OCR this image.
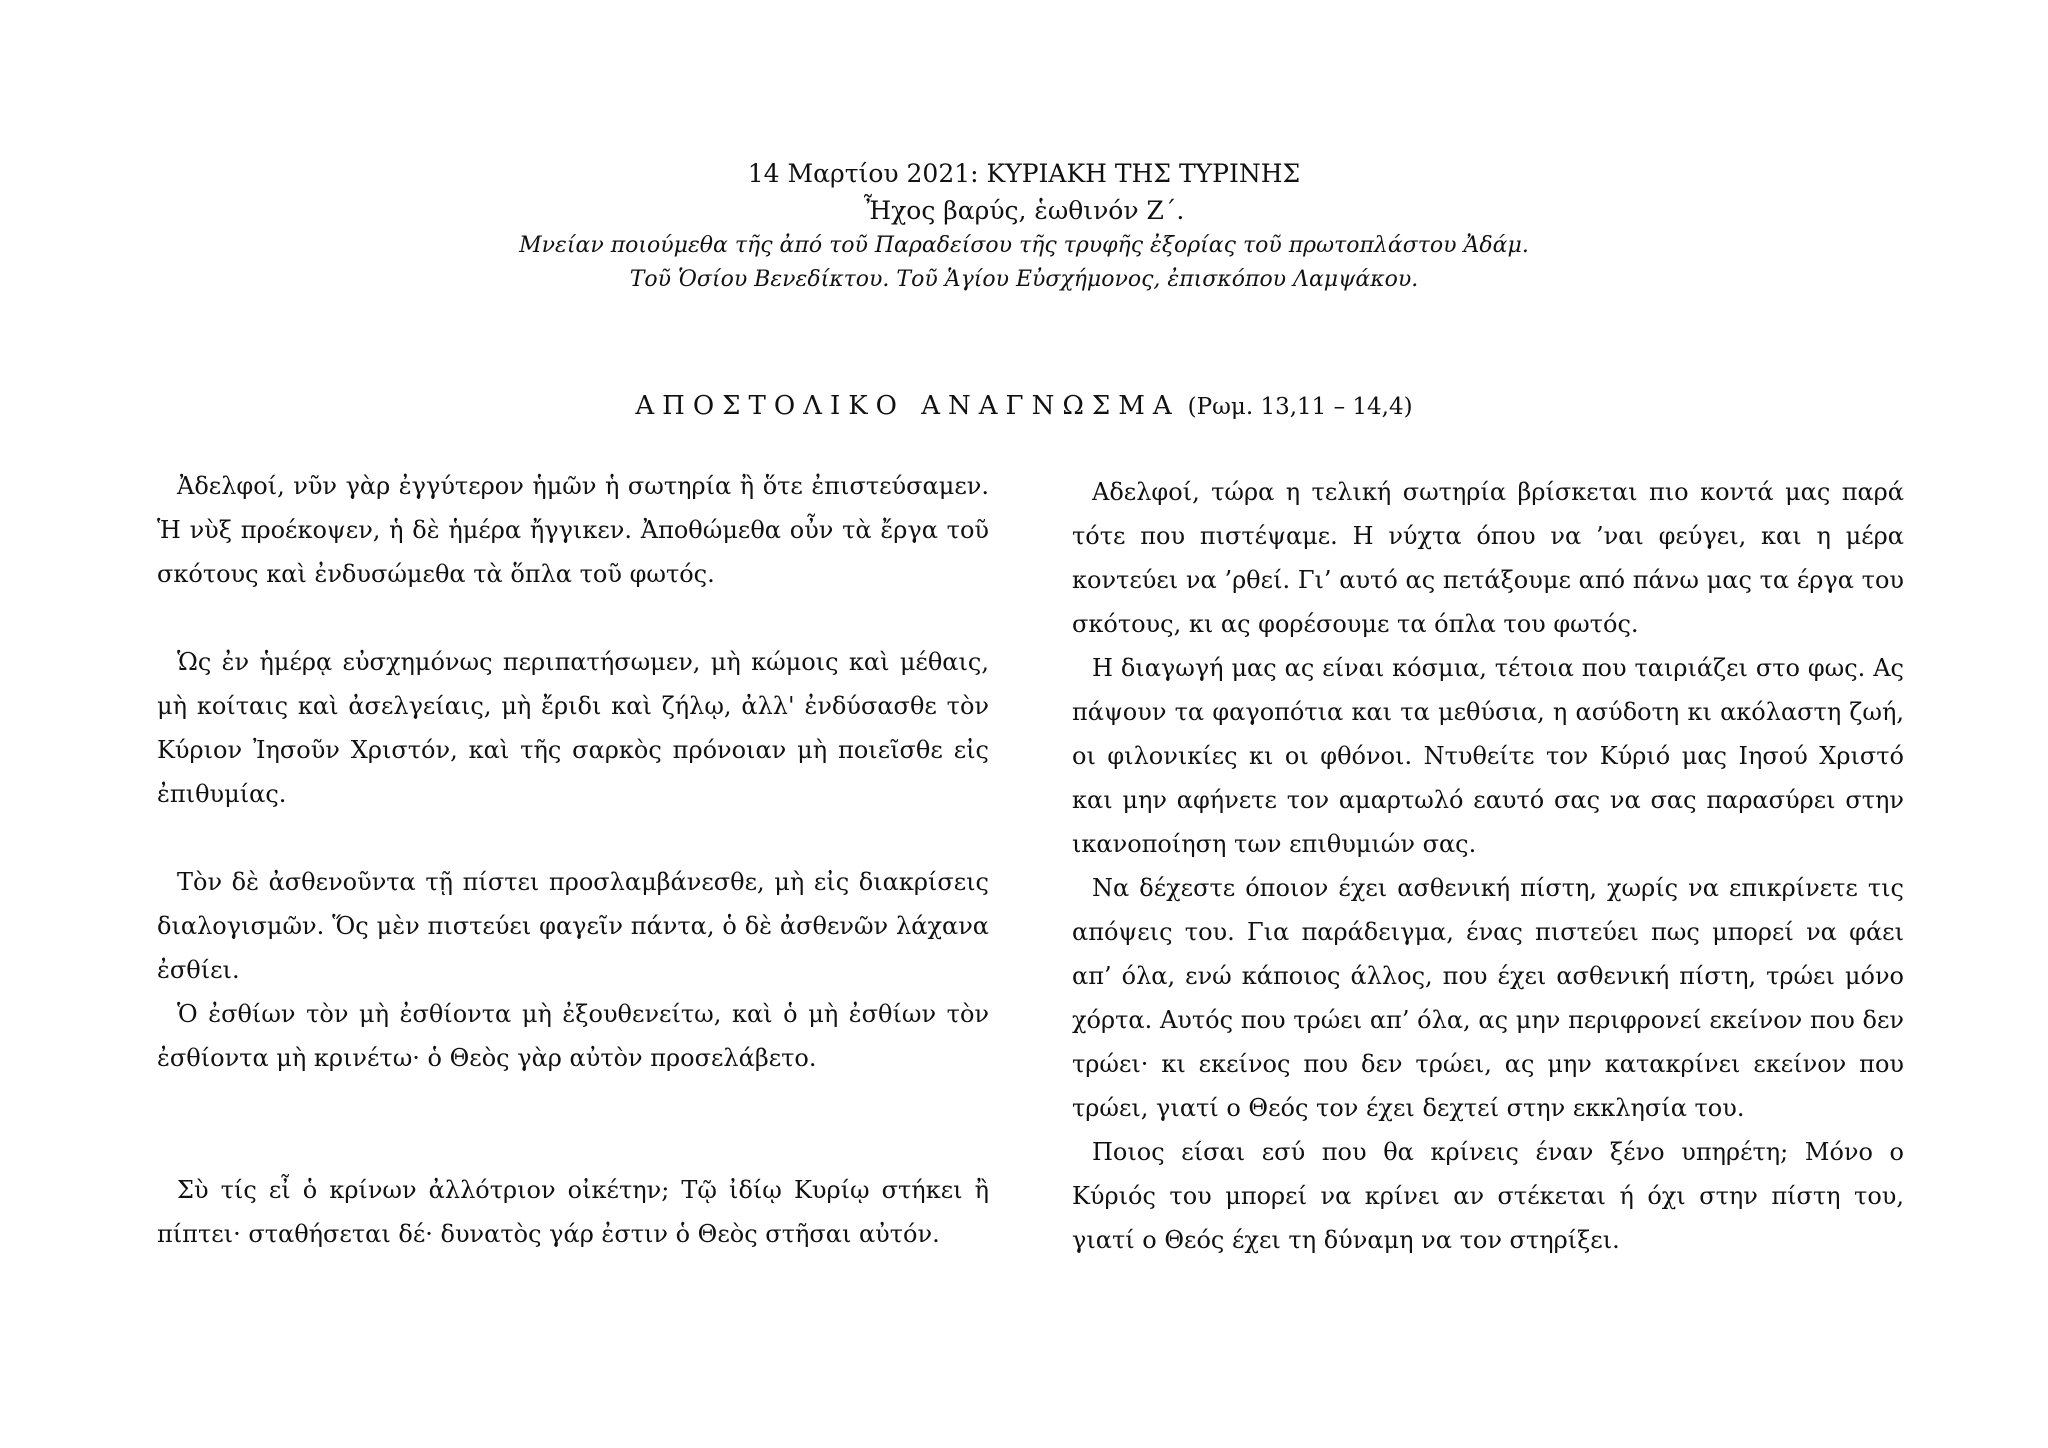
14 Μαρτίου 2021: ΚΥΡΙΑΚΗ ΤΗΣ ΤΥΡΙΝΗΣ
Ἦχος βαρύς, ἑωθινόν Ζ΄.
Μνείαν ποιούμεθα τῆς ἀπό τοῦ Παραδείσου τῆς τρυφῆς ἐξορίας τοῦ πρωτοπλάστου Ἀδάμ.
Τοῦ Ὁσίου Βενεδίκτου. Τοῦ Ἁγίου Εὐσχήμονος, ἐπισκόπου Λαμψάκου.
ΑΠΟΣΤΟΛΙΚΟ ΑΝΑΓΝΩΣΜΑ (Ρωμ. 13,11 – 14,4)

Ἀδελφοί, νῦν γὰρ ἐγγύτερον ἡμῶν ἡ σωτηρία ἢ ὅτε ἐπιστεύσαμεν. Ἡ νὺξ προέκοψεν, ἡ δὲ ἡμέρα ἤγγικεν. Ἀποθώμεθα οὖν τὰ ἔργα τοῦ σκότους καὶ ἐνδυσώμεθα τὰ ὅπλα τοῦ φωτός.

Ὡς ἐν ἡμέρᾳ εὐσχημόνως περιπατήσωμεν, μὴ κώμοις καὶ μέθαις, μὴ κοίταις καὶ ἀσελγείαις, μὴ ἔριδι καὶ ζήλῳ, ἀλλ' ἐνδύσασθε τὸν Κύριον Ἰησοῦν Χριστόν, καὶ τῆς σαρκὸς πρόνοιαν μὴ ποιεῖσθε εἰς ἐπιθυμίας.

Τὸν δὲ ἀσθενοῦντα τῇ πίστει προσλαμβάνεσθε, μὴ εἰς διακρίσεις διαλογισμῶν. Ὅς μὲν πιστεύει φαγεῖν πάντα, ὁ δὲ ἀσθενῶν λάχανα ἐσθίει.

Ὁ ἐσθίων τὸν μὴ ἐσθίοντα μὴ ἐξουθενείτω, καὶ ὁ μὴ ἐσθίων τὸν ἐσθίοντα μὴ κρινέτω· ὁ Θεὸς γὰρ αὐτὸν προσελάβετο.

Σὺ τίς εἶ ὁ κρίνων ἀλλότριον οἰκέτην; Τῷ ἰδίῳ Κυρίῳ στήκει ἢ πίπτει· σταθήσεται δέ· δυνατὸς γάρ ἐστιν ὁ Θεὸς στῆσαι αὐτόν.

Αδελφοί, τώρα η τελική σωτηρία βρίσκεται πιο κοντά μας παρά τότε που πιστέψαμε. Η νύχτα όπου να ’ναι φεύγει, και η μέρα κοντεύει να ’ρθεί. Γι’ αυτό ας πετάξουμε από πάνω μας τα έργα του σκότους, κι ας φορέσουμε τα όπλα του φωτός.

Η διαγωγή μας ας είναι κόσμια, τέτοια που ταιριάζει στο φως. Ας πάψουν τα φαγοπότια και τα μεθύσια, η ασύδοτη κι ακόλαστη ζωή, οι φιλονικίες κι οι φθόνοι. Ντυθείτε τον Κύριό μας Ιησού Χριστό και μην αφήνετε τον αμαρτωλό εαυτό σας να σας παρασύρει στην ικανοποίηση των επιθυμιών σας.

Να δέχεστε όποιον έχει ασθενική πίστη, χωρίς να επικρίνετε τις απόψεις του. Για παράδειγμα, ένας πιστεύει πως μπορεί να φάει απ’ όλα, ενώ κάποιος άλλος, που έχει ασθενική πίστη, τρώει μόνο χόρτα. Αυτός που τρώει απ’ όλα, ας μην περιφρονεί εκείνον που δεν τρώει· κι εκείνος που δεν τρώει, ας μην κατακρίνει εκείνον που τρώει, γιατί ο Θεός τον έχει δεχτεί στην εκκλησία του.

Ποιος είσαι εσύ που θα κρίνεις έναν ξένο υπηρέτη; Μόνο ο Κύριός του μπορεί να κρίνει αν στέκεται ή όχι στην πίστη του, γιατί ο Θεός έχει τη δύναμη να τον στηρίξει.
